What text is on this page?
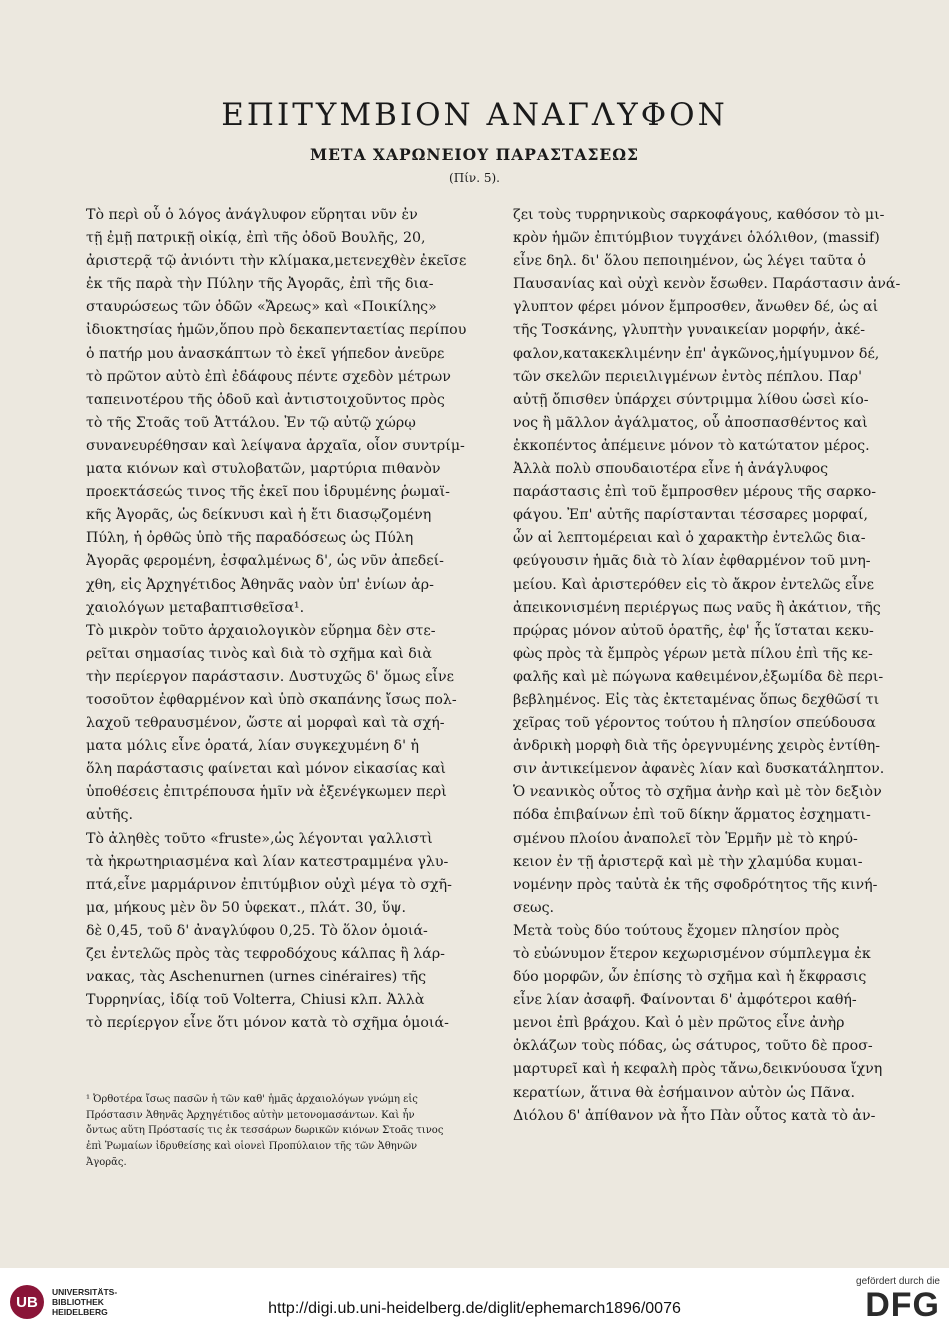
ΕΠΙΤΥΜΒΙΟΝ ΑΝΑΓΛΥΦΟΝ
ΜΕΤΑ ΧΑΡΩΝΕΙΟΥ ΠΑΡΑΣΤΑΣΕΩΣ
(Πίν. 5).
Τὸ περὶ οὗ ὁ λόγος ἀνάγλυφον εὕρηται νῦν ἐν
τῇ ἐμῇ πατρικῇ οἰκίᾳ, ἐπὶ τῆς ὁδοῦ Βουλῆς, 20,
ἀριστερᾷ τῷ ἀνιόντι τὴν κλίμακα,μετενεχθὲν ἐκεῖσε
ἐκ τῆς παρὰ τὴν Πύλην τῆς Ἀγορᾶς, ἐπὶ τῆς δια-
σταυρώσεως τῶν ὁδῶν «Ἄρεως» καὶ «Ποικίλης»
ἰδιοκτησίας ἡμῶν,ὅπου πρὸ δεκαπενταετίας περίπου
ὁ πατήρ μου ἀνασκάπτων τὸ ἐκεῖ γήπεδον ἀνεῦρε
τὸ πρῶτον αὐτὸ ἐπὶ ἐδάφους πέντε σχεδὸν μέτρων
ταπεινοτέρου τῆς ὁδοῦ καὶ ἀντιστοιχοῦντος πρὸς
τὸ τῆς Στοᾶς τοῦ Ἀττάλου. Ἐν τῷ αὐτῷ χώρῳ
συνανευρέθησαν καὶ λείψανα ἀρχαῖα, οἷον συντρίμ-
ματα κιόνων καὶ στυλοβατῶν, μαρτύρια πιθανὸν
προεκτάσεώς τινος τῆς ἐκεῖ που ἱδρυμένης ῥωμαϊ-
κῆς Ἀγορᾶς, ὡς δείκνυσι καὶ ἡ ἔτι διασῳζομένη
Πύλη, ἡ ὀρθῶς ὑπὸ τῆς παραδόσεως ὡς Πύλη
Ἀγορᾶς φερομένη, ἐσφαλμένως δ', ὡς νῦν ἀπεδεί-
χθη, εἰς Ἀρχηγέτιδος Ἀθηνᾶς ναὸν ὑπ' ἐνίων ἀρ-
χαιολόγων μεταβαπτισθεῖσα¹.
Τὸ μικρὸν τοῦτο ἀρχαιολογικὸν εὕρημα δὲν στε-
ρεῖται σημασίας τινὸς καὶ διὰ τὸ σχῆμα καὶ διὰ
τὴν περίεργον παράστασιν. Δυστυχῶς δ' ὅμως εἶνε
τοσοῦτον ἐφθαρμένον καὶ ὑπὸ σκαπάνης ἴσως πολ-
λαχοῦ τεθραυσμένον, ὥστε αἱ μορφαὶ καὶ τὰ σχή-
ματα μόλις εἶνε ὁρατά, λίαν συγκεχυμένη δ' ἡ
ὅλη παράστασις φαίνεται καὶ μόνον εἰκασίας καὶ
ὑποθέσεις ἐπιτρέπουσα ἡμῖν νὰ ἐξενέγκωμεν περὶ
αὐτῆς.
Τὸ ἀληθὲς τοῦτο «fruste»,ὡς λέγονται γαλλιστὶ
τὰ ἠκρωτηριασμένα καὶ λίαν κατεστραμμένα γλυ-
πτά,εἶνε μαρμάρινον ἐπιτύμβιον οὐχὶ μέγα τὸ σχῆ-
μα, μήκους μὲν ὂν 50 ὑφεκατ., πλάτ. 30, ὕψ.
δὲ 0,45, τοῦ δ' ἀναγλύφου 0,25. Τὸ ὅλον ὁμοιά-
ζει ἐντελῶς πρὸς τὰς τεφροδόχους κάλπας ἢ λάρ-
νακας, τὰς Aschenurnen (urnes cinéraires) τῆς
Τυρρηνίας, ἰδίᾳ τοῦ Volterra, Chiusi κλπ. Ἀλλὰ
τὸ περίεργον εἶνε ὅτι μόνον κατὰ τὸ σχῆμα ὁμοιά-
ζει τοὺς τυρρηνικοὺς σαρκοφάγους, καθόσον τὸ μι-
κρὸν ἡμῶν ἐπιτύμβιον τυγχάνει ὁλόλιθον, (massif)
εἶνε δηλ. δι' ὅλου πεποιημένον, ὡς λέγει ταῦτα ὁ
Παυσανίας καὶ οὐχὶ κενὸν ἔσωθεν. Παράστασιν ἀνά-
γλυπτον φέρει μόνον ἔμπροσθεν, ἄνωθεν δέ, ὡς αἱ
τῆς Τοσκάνης, γλυπτὴν γυναικείαν μορφήν, ἀκέ-
φαλον,κατακεκλιμένην ἐπ' ἀγκῶνος,ἡμίγυμνον δέ,
τῶν σκελῶν περιειλιγμένων ἐντὸς πέπλου. Παρ'
αὐτῇ ὄπισθεν ὑπάρχει σύντριμμα λίθου ὡσεὶ κίο-
νος ἢ μᾶλλον ἀγάλματος, οὗ ἀποσπασθέντος καὶ
ἐκκοπέντος ἀπέμεινε μόνον τὸ κατώτατον μέρος.
Ἀλλὰ πολὺ σπουδαιοτέρα εἶνε ἡ ἀνάγλυφος
παράστασις ἐπὶ τοῦ ἔμπροσθεν μέρους τῆς σαρκο-
φάγου. Ἐπ' αὐτῆς παρίστανται τέσσαρες μορφαί,
ὧν αἱ λεπτομέρειαι καὶ ὁ χαρακτὴρ ἐντελῶς δια-
φεύγουσιν ἡμᾶς διὰ τὸ λίαν ἐφθαρμένον τοῦ μνη-
μείου. Καὶ ἀριστερόθεν εἰς τὸ ἄκρον ἐντελῶς εἶνε
ἀπεικονισμένη περιέργως πως ναῦς ἢ ἀκάτιον, τῆς
πρῴρας μόνον αὐτοῦ ὁρατῆς, ἐφ' ἧς ἵσταται κεκυ-
φὼς πρὸς τὰ ἔμπρὸς γέρων μετὰ πίλου ἐπὶ τῆς κε-
φαλῆς καὶ μὲ πώγωνα καθειμένον,ἐξωμίδα δὲ περι-
βεβλημένος. Εἰς τὰς ἐκτεταμένας ὅπως δεχθῶσί τι
χεῖρας τοῦ γέροντος τούτου ἡ πλησίον σπεύδουσα
ἀνδρικὴ μορφὴ διὰ τῆς ὀρεγνυμένης χειρὸς ἐντίθη-
σιν ἀντικείμενον ἀφανὲς λίαν καὶ δυσκατάληπτον.
Ὁ νεανικὸς οὗτος τὸ σχῆμα ἀνὴρ καὶ μὲ τὸν δεξιὸν
πόδα ἐπιβαίνων ἐπὶ τοῦ δίκην ἅρματος ἐσχηματι-
σμένου πλοίου ἀναπολεῖ τὸν Ἑρμῆν μὲ τὸ κηρύ-
κειον ἐν τῇ ἀριστερᾷ καὶ μὲ τὴν χλαμύδα κυμαι-
νομένην πρὸς ταὐτὰ ἐκ τῆς σφοδρότητος τῆς κινή-
σεως.
Μετὰ τοὺς δύο τούτους ἔχομεν πλησίον πρὸς
τὸ εὐώνυμον ἕτερον κεχωρισμένον σύμπλεγμα ἐκ
δύο μορφῶν, ὧν ἐπίσης τὸ σχῆμα καὶ ἡ ἔκφρασις
εἶνε λίαν ἀσαφῆ. Φαίνονται δ' ἀμφότεροι καθή-
μενοι ἐπὶ βράχου. Καὶ ὁ μὲν πρῶτος εἶνε ἀνὴρ
ὀκλάζων τοὺς πόδας, ὡς σάτυρος, τοῦτο δὲ προσ-
μαρτυρεῖ καὶ ἡ κεφαλὴ πρὸς τἄνω,δεικνύουσα ἴχνη
κερατίων, ἅτινα θὰ ἐσήμαινον αὐτὸν ὡς Πᾶνα.
Διόλου δ' ἀπίθανον νὰ ἦτο Πὰν οὗτος κατὰ τὸ ἀν-
¹ Ὀρθοτέρα ἴσως πασῶν ἡ τῶν καθ' ἡμᾶς ἀρχαιολόγων γνώμη εἰς
Πρόστασιν Ἀθηνᾶς Ἀρχηγέτιδος αὐτὴν μετονομασάντων. Καὶ ἦν
ὄντως αὕτη Πρόστασίς τις ἐκ τεσσάρων δωρικῶν κιόνων Στοᾶς τινος
ἐπὶ Ῥωμαίων ἱδρυθείσης καὶ οἱονεὶ Προπύλαιον τῆς τῶν Ἀθηνῶν
Ἀγορᾶς.
UB
UNIVERSITÄTS-
BIBLIOTHEK
HEIDELBERG	http://digi.ub.uni-heidelberg.de/diglit/ephemarch1896/0076
gefördert durch die
DFG
